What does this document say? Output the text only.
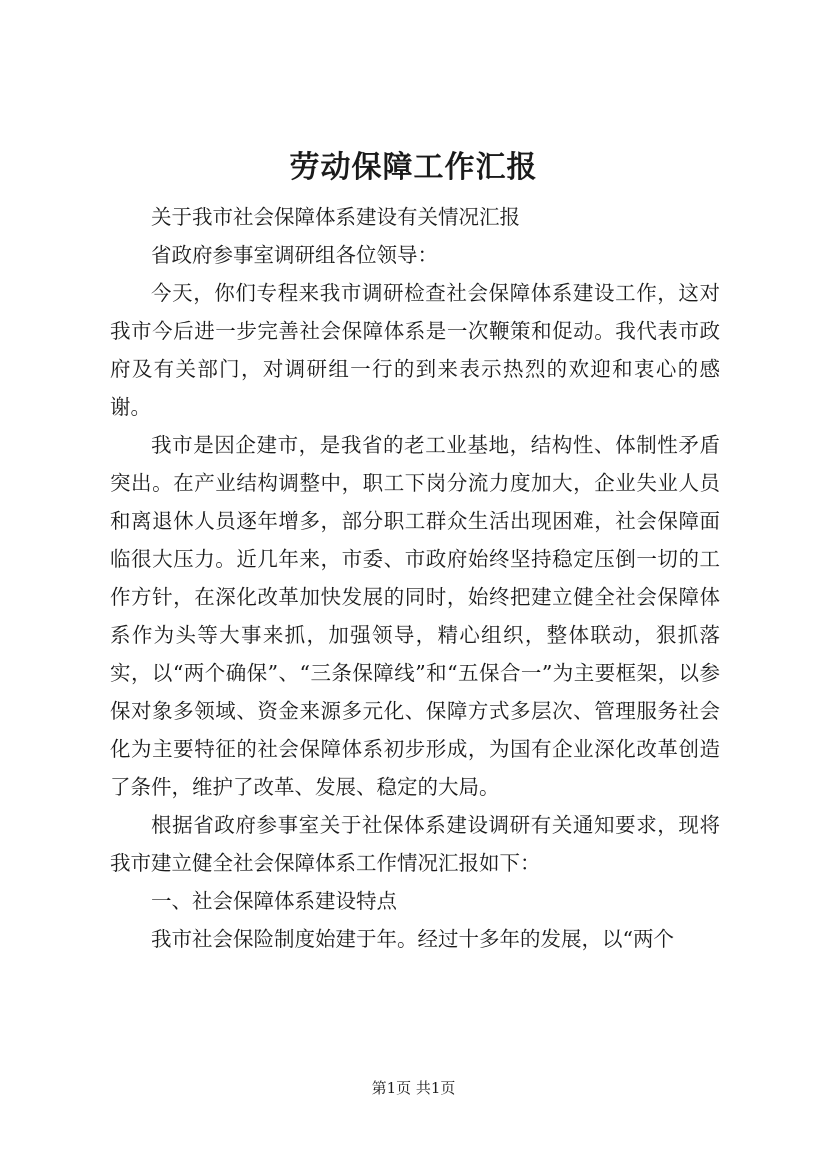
劳动保障工作汇报

关于我市社会保障体系建设有关情况汇报

省政府参事室调研组各位领导：

今天，你们专程来我市调研检查社会保障体系建设工作，这对我市今后进一步完善社会保障体系是一次鞭策和促动。我代表市政府及有关部门，对调研组一行的到来表示热烈的欢迎和衷心的感谢。

我市是因企建市，是我省的老工业基地，结构性、体制性矛盾突出。在产业结构调整中，职工下岗分流力度加大，企业失业人员和离退休人员逐年增多，部分职工群众生活出现困难，社会保障面临很大压力。近几年来，市委、市政府始终坚持稳定压倒一切的工作方针，在深化改革加快发展的同时，始终把建立健全社会保障体系作为头等大事来抓，加强领导，精心组织，整体联动，狠抓落实，以“两个确保”、“三条保障线”和“五保合一”为主要框架，以参保对象多领域、资金来源多元化、保障方式多层次、管理服务社会化为主要特征的社会保障体系初步形成，为国有企业深化改革创造了条件，维护了改革、发展、稳定的大局。

根据省政府参事室关于社保体系建设调研有关通知要求，现将我市建立健全社会保障体系工作情况汇报如下：

一、社会保障体系建设特点

我市社会保险制度始建于年。经过十多年的发展，以“两个

第1页 共1页
